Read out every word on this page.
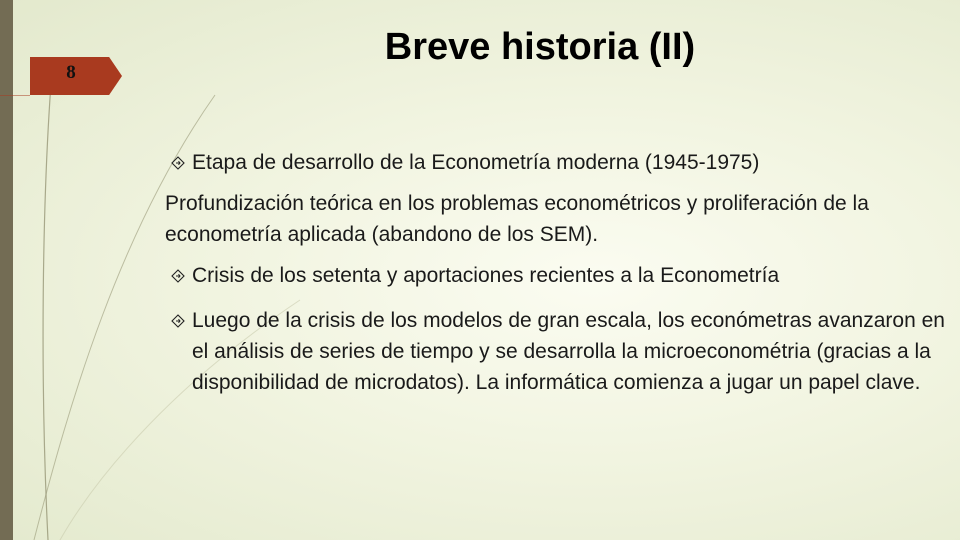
8
Breve historia (II)
Etapa de desarrollo de la Econometría moderna (1945-1975)
Profundización teórica en los problemas econométricos y proliferación de la econometría aplicada (abandono de los SEM).
Crisis de los setenta y aportaciones recientes a la Econometría
Luego de la crisis de los modelos de gran escala, los económetras avanzaron en el análisis de series de tiempo y se desarrolla la microeconométria (gracias a la disponibilidad de microdatos). La informática comienza a jugar un papel clave.
